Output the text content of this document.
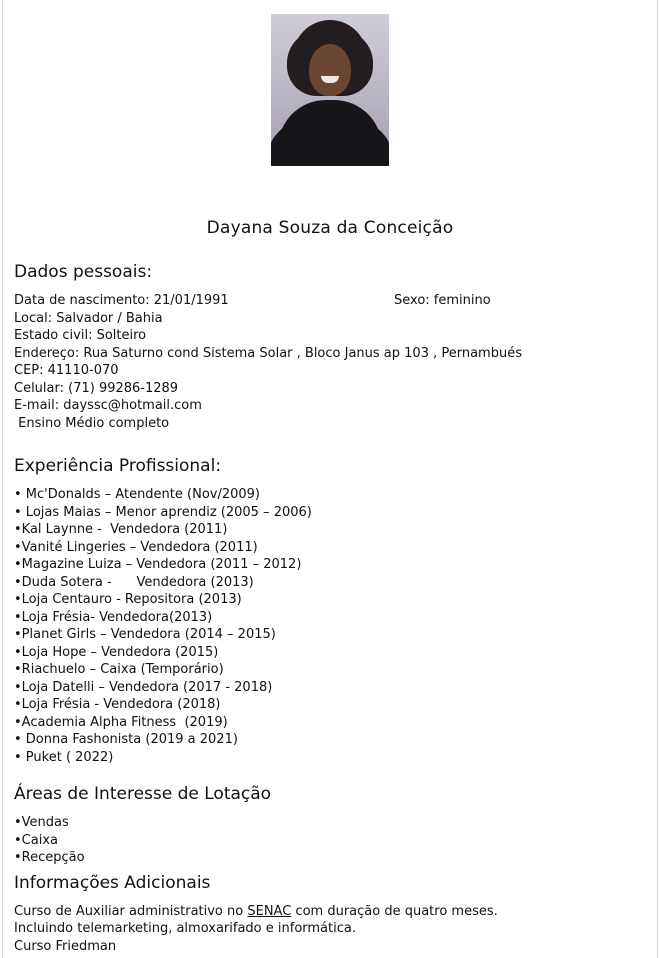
Dayana Souza da Conceição
Dados pessoais:
Data de nascimento: 21/01/1991	Sexo: feminino
Local: Salvador / Bahia
Estado civil: Solteiro
Endereço: Rua Saturno cond Sistema Solar , Bloco Janus ap 103 , Pernambués
CEP: 41110-070
Celular: (71) 99286-1289
E-mail: dayssc@hotmail.com
Ensino Médio completo
Experiência Profissional:
• Mc'Donalds – Atendente (Nov/2009)
• Lojas Maias – Menor aprendiz (2005 – 2006)
•Kal Laynne -  Vendedora (2011)
•Vanité Lingeries – Vendedora (2011)
•Magazine Luiza – Vendedora (2011 – 2012)
•Duda Sotera -      Vendedora (2013)
•Loja Centauro - Repositora (2013)
•Loja Frésia- Vendedora(2013)
•Planet Girls – Vendedora (2014 – 2015)
•Loja Hope – Vendedora (2015)
•Riachuelo – Caixa (Temporário)
•Loja Datelli – Vendedora (2017 - 2018)
•Loja Frésia - Vendedora (2018)
•Academia Alpha Fitness  (2019)
• Donna Fashonista (2019 a 2021)
• Puket ( 2022)
Áreas de Interesse de Lotação
•Vendas
•Caixa
•Recepção
Informações Adicionais
Curso de Auxiliar administrativo no SENAC com duração de quatro meses.
Incluindo telemarketing, almoxarifado e informática.
Curso Friedman
